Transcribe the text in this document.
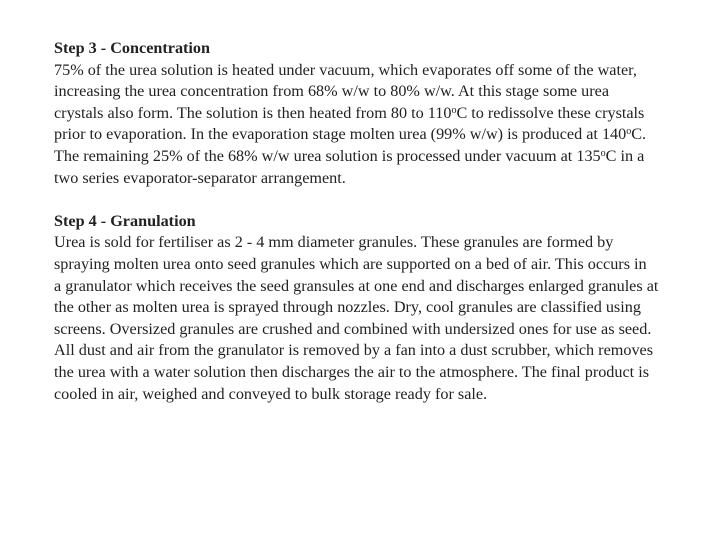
Step 3 - Concentration
75% of the urea solution is heated under vacuum, which evaporates off some of the water,
increasing the urea concentration from 68% w/w to 80% w/w. At this stage some urea
crystals also form. The solution is then heated from 80 to 110$^o$C to redissolve these crystals
prior to evaporation. In the evaporation stage molten urea (99% w/w) is produced at 140$^o$C.
The remaining 25% of the 68% w/w urea solution is processed under vacuum at 135$^o$C in a
two series evaporator-separator arrangement.
Step 4 - Granulation
Urea is sold for fertiliser as 2 - 4 mm diameter granules. These granules are formed by
spraying molten urea onto seed granules which are supported on a bed of air. This occurs in
a granulator which receives the seed gransules at one end and discharges enlarged granules at
the other as molten urea is sprayed through nozzles. Dry, cool granules are classified using
screens. Oversized granules are crushed and combined with undersized ones for use as seed.
All dust and air from the granulator is removed by a fan into a dust scrubber, which removes
the urea with a water solution then discharges the air to the atmosphere. The final product is
cooled in air, weighed and conveyed to bulk storage ready for sale.
